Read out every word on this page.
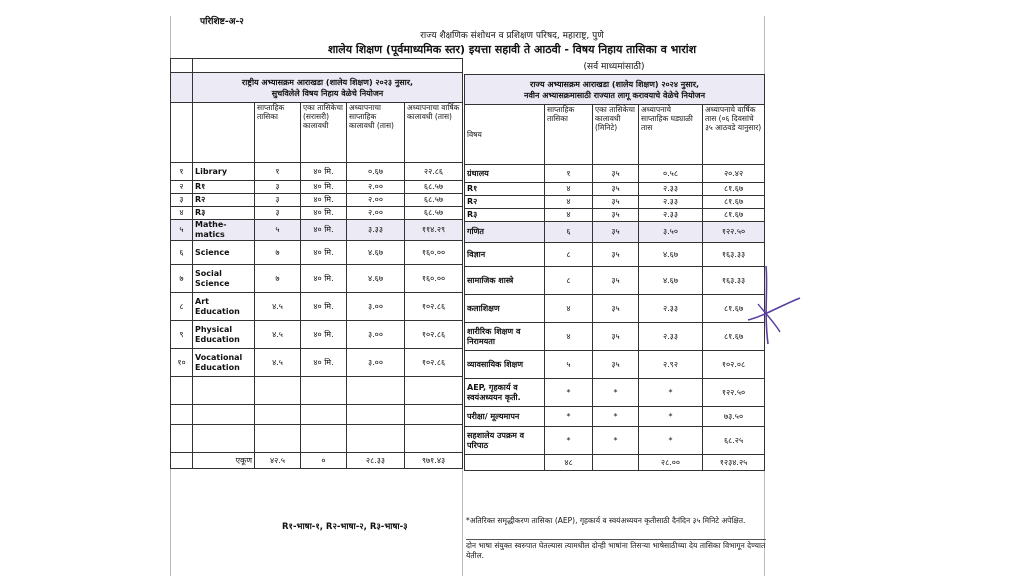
परिशिष्ट-अ-२
राज्य शैक्षणिक संशोधन व प्रशिक्षण परिषद, महाराष्ट्र, पुणे
शालेय शिक्षण (पूर्वमाध्यमिक स्तर) इयत्ता सहावी ते आठवी - विषय निहाय तासिका व भारांश
(सर्व माध्यमांसाठी)

	राष्ट्रीय अभ्यासक्रम आराखडा (शालेय शिक्षण) २०२३ नुसार,
सुचविलेले विषय निहाय वेळेचे नियोजन				
		साप्ताहिक तासिका	एका तासिकेचा (सरासरी) कालावधी	अध्यापनाचा साप्ताहिक कालावधी (तास)	अध्यापनाचा वार्षिक कालावधी (तास)
१	Library	१	४० मि.	०.६७	२२.८६
२	R१	३	४० मि.	२.००	६८.५७
३	R२	३	४० मि.	२.००	६८.५७
४	R३	३	४० मि.	२.००	६८.५७
५	Mathe-matics	५	४० मि.	३.३३	११४.२९
६	Science	७	४० मि.	४.६७	१६०.००
७	Social Science	७	४० मि.	४.६७	१६०.००
८	Art Education	४.५	४० मि.	३.००	१०२.८६
९	Physical Education	४.५	४० मि.	३.००	१०२.८६
१०	Vocational Education	४.५	४० मि.	३.००	१०२.८६

	एकूण	४२.५	०	२८.३३	९७१.४३
राज्य अभ्यासक्रम आराखडा (शालेय शिक्षण) २०२४ नुसार,
नवीन अभ्यासक्रमासाठी राज्यात लागू करावयाचे वेळेचे नियोजन				
विषय	साप्ताहिक तासिका	एका तासिकेचा कालावधी (मिनिटे)	अध्यापनाचे साप्ताहिक घड्याळी तास	अध्यापनाचे वार्षिक तास (०६ दिवसांचे ३५ आठवडे यानुसार)
ग्रंथालय	१	३५	०.५८	२०.४२
R१	४	३५	२.३३	८१.६७
R२	४	३५	२.३३	८१.६७
R३	४	३५	२.३३	८१.६७
गणित	६	३५	३.५०	१२२.५०
विज्ञान	८	३५	४.६७	१६३.३३
सामाजिक शास्त्रे	८	३५	४.६७	१६३.३३
कलाशिक्षण	४	३५	२.३३	८१.६७
शारीरिक शिक्षण व निरामयता	४	३५	२.३३	८१.६७
व्यावसायिक शिक्षण	५	३५	२.९२	१०२.०८
AEP, गृहकार्य व स्वयंअध्ययन कृती.	*	*	*	१२२.५०
परीक्षा/ मूल्यमापन	*	*	*	७३.५०
सहशालेय उपक्रम व परिपाठ	*	*	*	६८.२५
	४८		२८.००	१२३४.२५
R१-भाषा-१, R२-भाषा-२, R३-भाषा-३
*अतिरिक्त समृद्धीकरण तासिका (AEP), गृहकार्य व स्वयंअध्ययन कृतीसाठी दैनंदिन ३५ मिनिटे अपेक्षित.
दोन भाषा संयुक्त स्वरुपात घेतल्यास त्यामधील दोन्ही भाषांना तिसऱ्या भाषेसाठीच्या देय तासिका विभागून देण्यात येतील.
